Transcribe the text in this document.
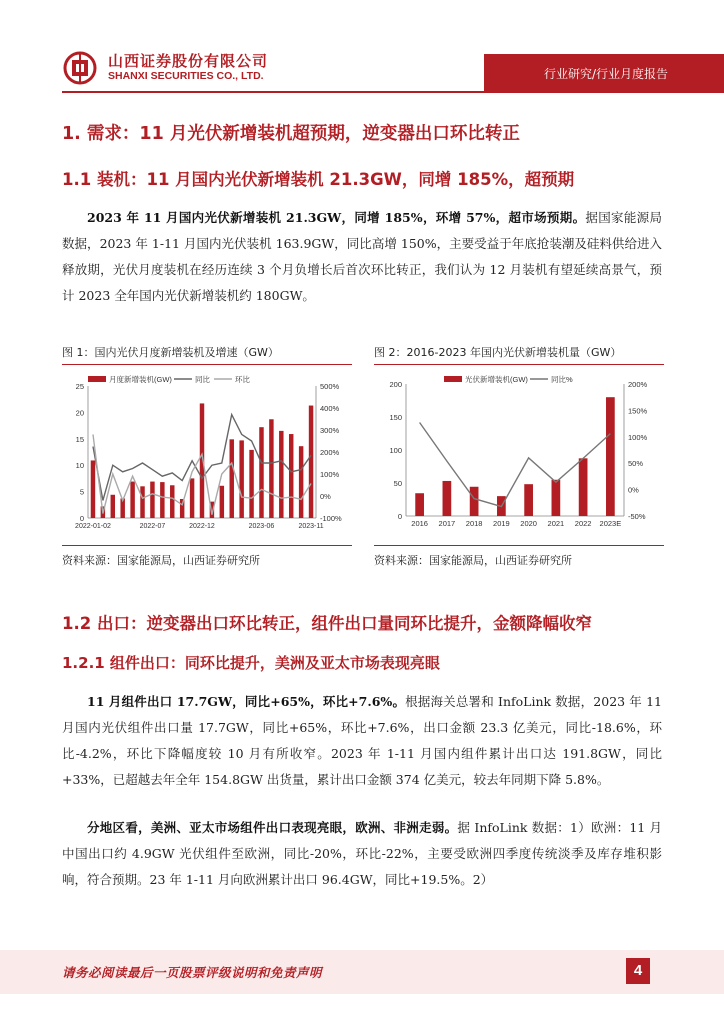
山西证券股份有限公司
SHANXI SECURITIES CO., LTD.	行业研究/行业月度报告
1. 需求：11 月光伏新增装机超预期，逆变器出口环比转正
1.1 装机：11 月国内光伏新增装机 21.3GW，同增 185%，超预期

2023 年 11 月国内光伏新增装机 21.3GW，同增 185%，环增 57%，超市场预期。据国家能源局数据，2023 年 1-11 月国内光伏装机 163.9GW，同比高增 150%，主要受益于年底抢装潮及硅料供给进入释放期，光伏月度装机在经历连续 3 个月负增长后首次环比转正，我们认为 12 月装机有望延续高景气，预计 2023 全年国内光伏新增装机约 180GW。

图 1：国内光伏月度新增装机及增速（GW）	图 2：2016-2023 年国内光伏新增装机量（GW）
0
5
10
15
20
25
-100%
0%
100%
200%
300%
400%
500%
2022-01-02	2022-07	2022-12	2023-06	2023-11
月度新增装机(GW)	同比	环比
0
50
100
150
200
-50%
0%
50%
100%
150%
200%
2016 2017 2018 2019 2020 2021 2022 2023E
光伏新增装机(GW)	同比%
资料来源：国家能源局，山西证券研究所	资料来源：国家能源局，山西证券研究所
1.2 出口：逆变器出口环比转正，组件出口量同环比提升，金额降幅收窄
1.2.1 组件出口：同环比提升，美洲及亚太市场表现亮眼

11 月组件出口 17.7GW，同比+65%，环比+7.6%。根据海关总署和 InfoLink 数据，2023 年 11 月国内光伏组件出口量 17.7GW，同比+65%，环比+7.6%，出口金额 23.3 亿美元，同比-18.6%，环比-4.2%，环比下降幅度较 10 月有所收窄。2023 年 1-11 月国内组件累计出口达 191.8GW，同比+33%，已超越去年全年 154.8GW 出货量，累计出口金额 374 亿美元，较去年同期下降 5.8%。

分地区看，美洲、亚太市场组件出口表现亮眼，欧洲、非洲走弱。据 InfoLink 数据：1）欧洲：11 月中国出口约 4.9GW 光伏组件至欧洲，同比-20%，环比-22%，主要受欧洲四季度传统淡季及库存堆积影响，符合预期。23 年 1-11 月向欧洲累计出口 96.4GW，同比+19.5%。2）

请务必阅读最后一页股票评级说明和免责声明	4
